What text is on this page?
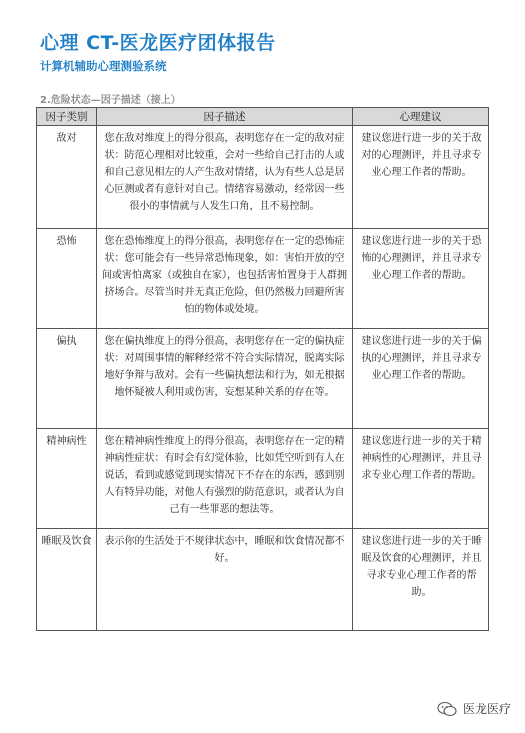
心理 CT-医龙医疗团体报告
计算机辅助心理测验系统
2.危险状态—因子描述（接上）
因子类别	因子描述	心理建议
敌对	您在敌对维度上的得分很高，表明您存在一定的敌对症状：防范心理相对比较重，会对一些给自己打击的人或和自己意见相左的人产生敌对情绪，认为有些人总是居心叵测或者有意针对自己。情绪容易激动，经常因一些很小的事情就与人发生口角，且不易控制。	建议您进行进一步的关于敌对的心理测评，并且寻求专业心理工作者的帮助。
恐怖	您在恐怖维度上的得分很高，表明您存在一定的恐怖症状：您可能会有一些异常恐怖现象，如：害怕开放的空间或害怕离家（或独自在家），也包括害怕置身于人群拥挤场合。尽管当时并无真正危险，但仍然极力回避所害怕的物体或处境。	建议您进行进一步的关于恐怖的心理测评，并且寻求专业心理工作者的帮助。
偏执	您在偏执维度上的得分很高，表明您存在一定的偏执症状：对周围事情的解释经常不符合实际情况，脱离实际地好争辩与敌对。会有一些偏执想法和行为，如无根据地怀疑被人利用或伤害，妄想某种关系的存在等。	建议您进行进一步的关于偏执的心理测评，并且寻求专业心理工作者的帮助。
精神病性	您在精神病性维度上的得分很高，表明您存在一定的精神病性症状：有时会有幻觉体验，比如凭空听到有人在说话，看到或感觉到现实情况下不存在的东西，感到别人有特异功能，对他人有强烈的防范意识，或者认为自己有一些罪恶的想法等。	建议您进行进一步的关于精神病性的心理测评，并且寻求专业心理工作者的帮助。
睡眠及饮食	表示你的生活处于不规律状态中，睡眠和饮食情况都不好。	建议您进行进一步的关于睡眠及饮食的心理测评，并且寻求专业心理工作者的帮助。
医龙医疗
